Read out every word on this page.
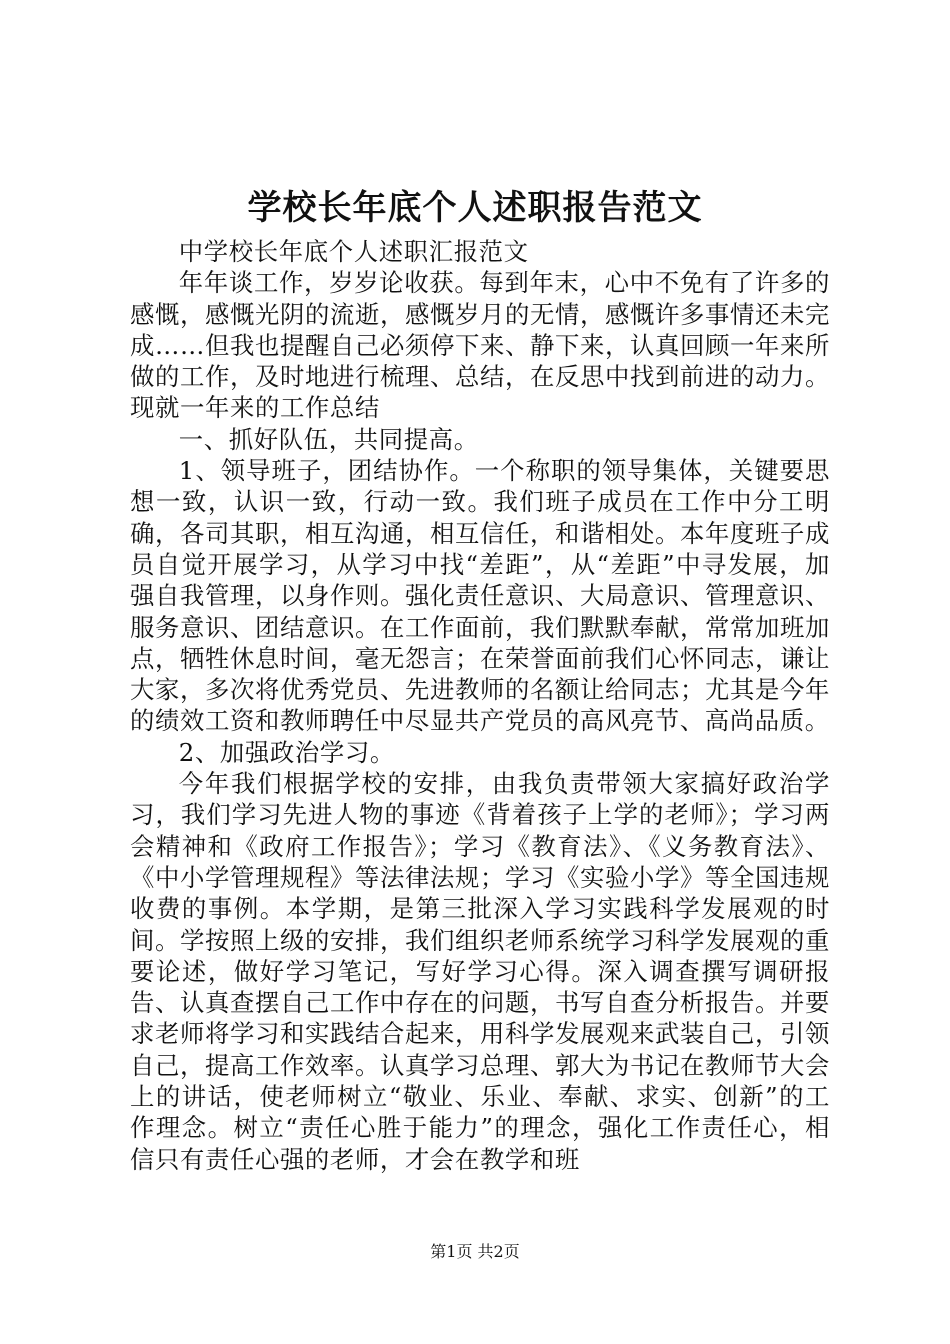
学校长年底个人述职报告范文

中学校长年底个人述职汇报范文

年年谈工作，岁岁论收获。每到年末，心中不免有了许多的感慨，感慨光阴的流逝，感慨岁月的无情，感慨许多事情还未完成……但我也提醒自己必须停下来、静下来，认真回顾一年来所做的工作，及时地进行梳理、总结，在反思中找到前进的动力。现就一年来的工作总结

一、抓好队伍，共同提高。

1、领导班子，团结协作。一个称职的领导集体，关键要思想一致，认识一致，行动一致。我们班子成员在工作中分工明确，各司其职，相互沟通，相互信任，和谐相处。本年度班子成员自觉开展学习，从学习中找“差距”，从“差距”中寻发展，加强自我管理，以身作则。强化责任意识、大局意识、管理意识、服务意识、团结意识。在工作面前，我们默默奉献，常常加班加点，牺牲休息时间，毫无怨言；在荣誉面前我们心怀同志，谦让大家，多次将优秀党员、先进教师的名额让给同志；尤其是今年的绩效工资和教师聘任中尽显共产党员的高风亮节、高尚品质。

2、加强政治学习。

今年我们根据学校的安排，由我负责带领大家搞好政治学习，我们学习先进人物的事迹《背着孩子上学的老师》；学习两会精神和《政府工作报告》；学习《教育法》、《义务教育法》、《中小学管理规程》等法律法规；学习《实验小学》等全国违规收费的事例。本学期，是第三批深入学习实践科学发展观的时间。学按照上级的安排，我们组织老师系统学习科学发展观的重要论述，做好学习笔记，写好学习心得。深入调查撰写调研报告、认真查摆自己工作中存在的问题，书写自查分析报告。并要求老师将学习和实践结合起来，用科学发展观来武装自己，引领自己，提高工作效率。认真学习总理、郭大为书记在教师节大会上的讲话，使老师树立“敬业、乐业、奉献、求实、创新”的工作理念。树立“责任心胜于能力”的理念，强化工作责任心，相信只有责任心强的老师，才会在教学和班

第1页 共2页
